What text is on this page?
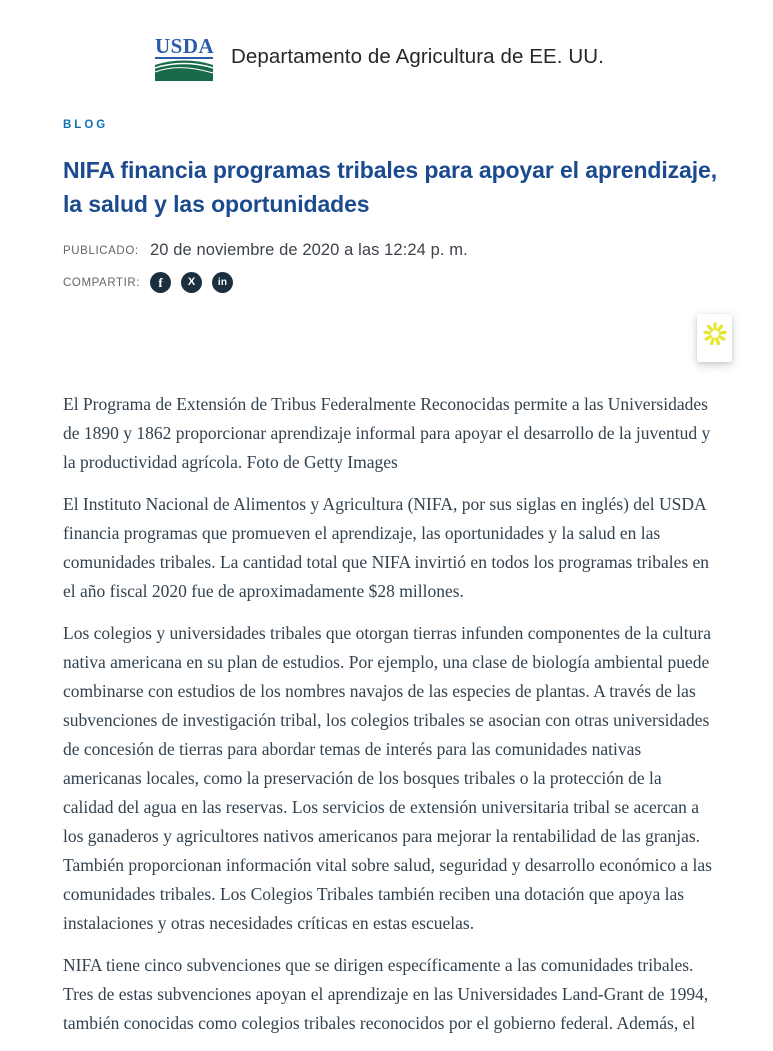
USDA Departamento de Agricultura de EE. UU.
BLOG
NIFA financia programas tribales para apoyar el aprendizaje, la salud y las oportunidades
PUBLICADO: 20 de noviembre de 2020 a las 12:24 p. m.
COMPARTIR:	f X in

El Programa de Extensión de Tribus Federalmente Reconocidas permite a las Universidades de 1890 y 1862 proporcionar aprendizaje informal para apoyar el desarrollo de la juventud y la productividad agrícola. Foto de Getty Images

El Instituto Nacional de Alimentos y Agricultura (NIFA, por sus siglas en inglés) del USDA financia programas que promueven el aprendizaje, las oportunidades y la salud en las comunidades tribales. La cantidad total que NIFA invirtió en todos los programas tribales en el año fiscal 2020 fue de aproximadamente $28 millones.

Los colegios y universidades tribales que otorgan tierras infunden componentes de la cultura nativa americana en su plan de estudios. Por ejemplo, una clase de biología ambiental puede combinarse con estudios de los nombres navajos de las especies de plantas. A través de las subvenciones de investigación tribal, los colegios tribales se asocian con otras universidades de concesión de tierras para abordar temas de interés para las comunidades nativas americanas locales, como la preservación de los bosques tribales o la protección de la calidad del agua en las reservas. Los servicios de extensión universitaria tribal se acercan a los ganaderos y agricultores nativos americanos para mejorar la rentabilidad de las granjas. También proporcionan información vital sobre salud, seguridad y desarrollo económico a las comunidades tribales. Los Colegios Tribales también reciben una dotación que apoya las instalaciones y otras necesidades críticas en estas escuelas.

NIFA tiene cinco subvenciones que se dirigen específicamente a las comunidades tribales. Tres de estas subvenciones apoyan el aprendizaje en las Universidades Land-Grant de 1994, también conocidas como colegios tribales reconocidos por el gobierno federal. Además, el
